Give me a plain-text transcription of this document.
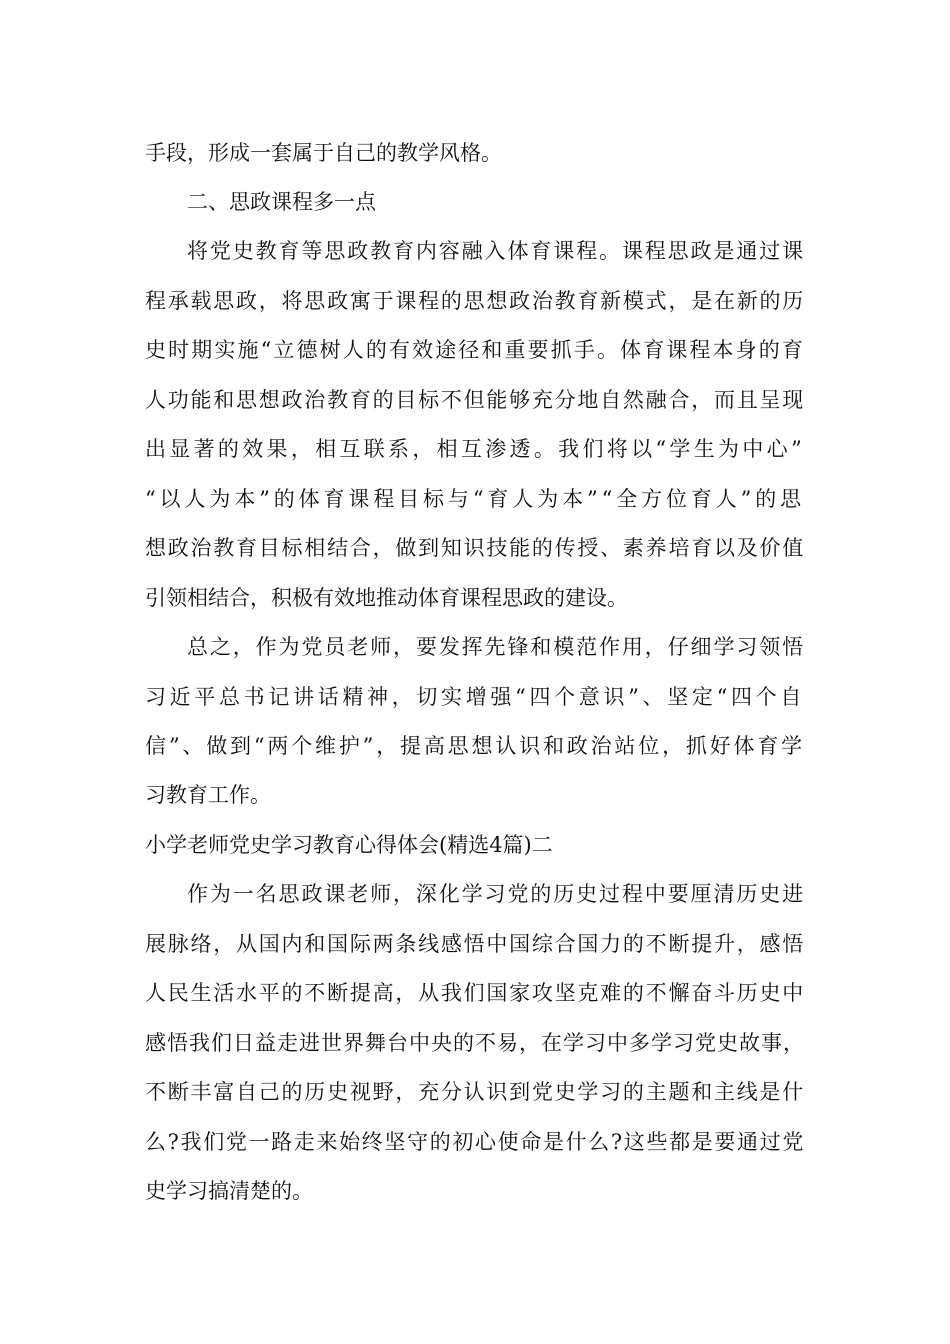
手段，形成一套属于自己的教学风格。
二、思政课程多一点
将党史教育等思政教育内容融入体育课程。课程思政是通过课
程承载思政，将思政寓于课程的思想政治教育新模式，是在新的历
史时期实施“立德树人的有效途径和重要抓手。体育课程本身的育
人功能和思想政治教育的目标不但能够充分地自然融合，而且呈现
出显著的效果，相互联系，相互渗透。我们将以“学生为中心”
“以人为本”的体育课程目标与“育人为本”“全方位育人”的思
想政治教育目标相结合，做到知识技能的传授、素养培育以及价值
引领相结合，积极有效地推动体育课程思政的建设。
总之，作为党员老师，要发挥先锋和模范作用，仔细学习领悟
习近平总书记讲话精神，切实增强“四个意识”、坚定“四个自
信”、做到“两个维护”，提高思想认识和政治站位，抓好体育学
习教育工作。
小学老师党史学习教育心得体会(精选4篇)二
作为一名思政课老师，深化学习党的历史过程中要厘清历史进
展脉络，从国内和国际两条线感悟中国综合国力的不断提升，感悟
人民生活水平的不断提高，从我们国家攻坚克难的不懈奋斗历史中
感悟我们日益走进世界舞台中央的不易，在学习中多学习党史故事，
不断丰富自己的历史视野，充分认识到党史学习的主题和主线是什
么?我们党一路走来始终坚守的初心使命是什么?这些都是要通过党
史学习搞清楚的。
